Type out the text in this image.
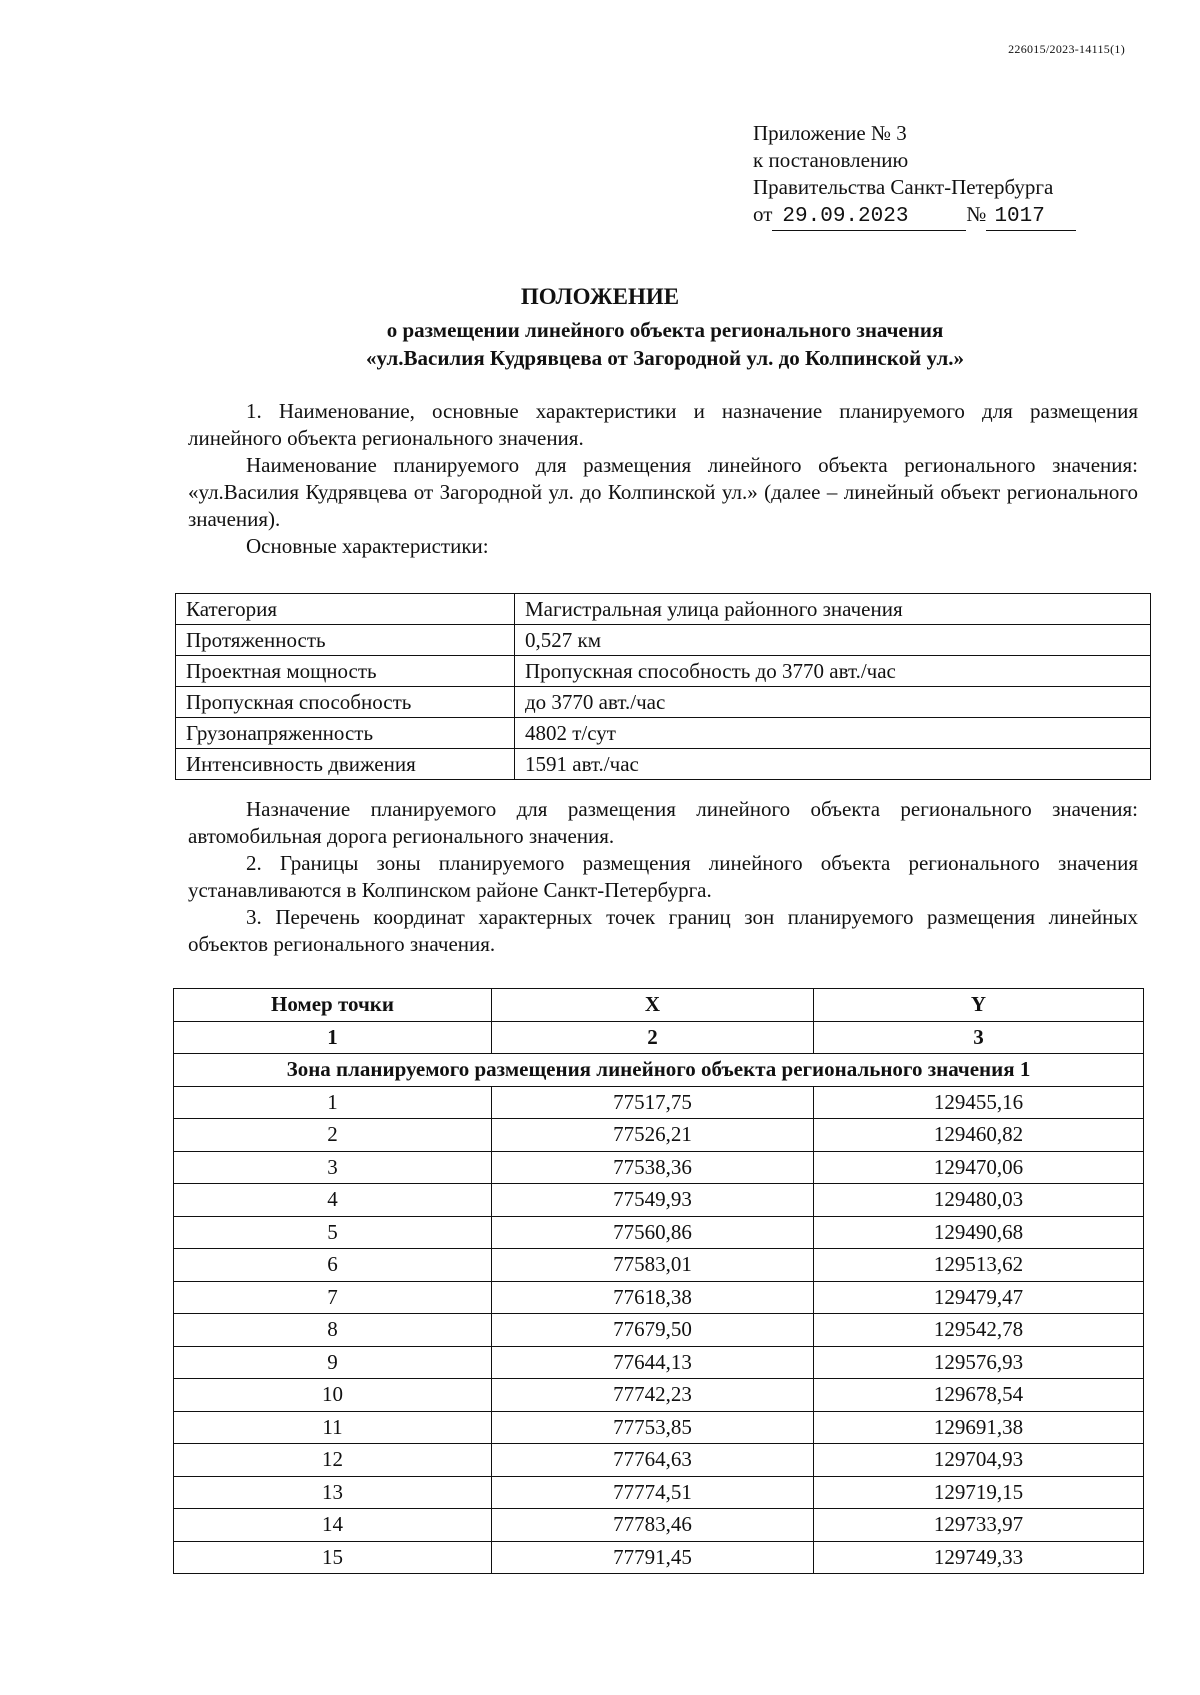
226015/2023-14115(1)
Приложение № 3
к постановлению
Правительства Санкт-Петербурга
от 29.09.2023	№ 1017
ПОЛОЖЕНИЕ
о размещении линейного объекта регионального значения
«ул.Василия Кудрявцева от Загородной ул. до Колпинской ул.»
1. Наименование, основные характеристики и назначение планируемого для размещения линейного объекта регионального значения.
Наименование планируемого для размещения линейного объекта регионального значения: «ул.Василия Кудрявцева от Загородной ул. до Колпинской ул.» (далее – линейный объект регионального значения).
Основные характеристики:
Категория	Магистральная улица районного значения
Протяженность	0,527 км
Проектная мощность	Пропускная способность до 3770 авт./час
Пропускная способность	до 3770 авт./час
Грузонапряженность	4802 т/сут
Интенсивность движения	1591 авт./час
Назначение планируемого для размещения линейного объекта регионального значения: автомобильная дорога регионального значения.
2. Границы зоны планируемого размещения линейного объекта регионального значения устанавливаются в Колпинском районе Санкт-Петербурга.
3. Перечень координат характерных точек границ зон планируемого размещения линейных объектов регионального значения.
Номер точки	X	Y
1	2	3
Зона планируемого размещения линейного объекта регионального значения 1		
1	77517,75	129455,16
2	77526,21	129460,82
3	77538,36	129470,06
4	77549,93	129480,03
5	77560,86	129490,68
6	77583,01	129513,62
7	77618,38	129479,47
8	77679,50	129542,78
9	77644,13	129576,93
10	77742,23	129678,54
11	77753,85	129691,38
12	77764,63	129704,93
13	77774,51	129719,15
14	77783,46	129733,97
15	77791,45	129749,33
